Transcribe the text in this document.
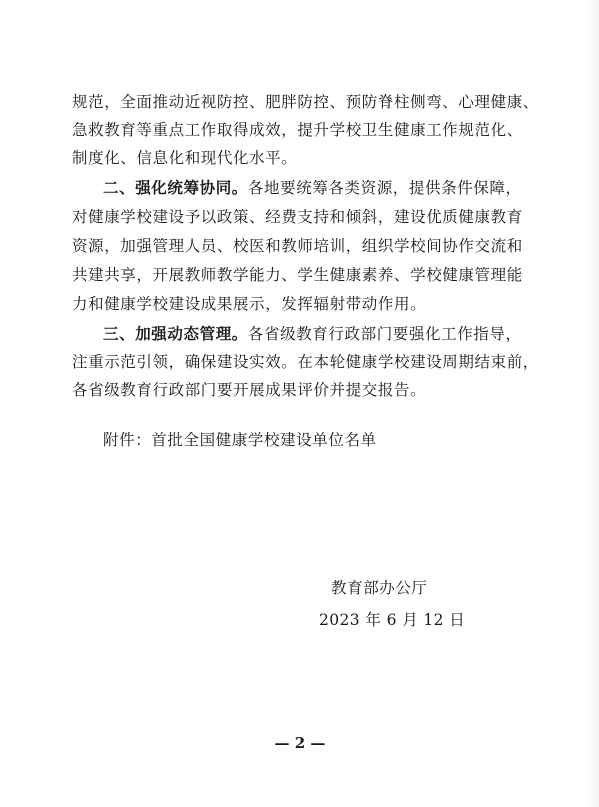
规范，全面推动近视防控、肥胖防控、预防脊柱侧弯、心理健康、
急救教育等重点工作取得成效，提升学校卫生健康工作规范化、
制度化、信息化和现代化水平。
二、强化统筹协同。各地要统筹各类资源，提供条件保障，
对健康学校建设予以政策、经费支持和倾斜，建设优质健康教育
资源，加强管理人员、校医和教师培训，组织学校间协作交流和
共建共享，开展教师教学能力、学生健康素养、学校健康管理能
力和健康学校建设成果展示，发挥辐射带动作用。
三、加强动态管理。各省级教育行政部门要强化工作指导，
注重示范引领，确保建设实效。在本轮健康学校建设周期结束前，
各省级教育行政部门要开展成果评价并提交报告。
附件：首批全国健康学校建设单位名单
教育部办公厅
2023 年 6 月 12 日
— 2 —
